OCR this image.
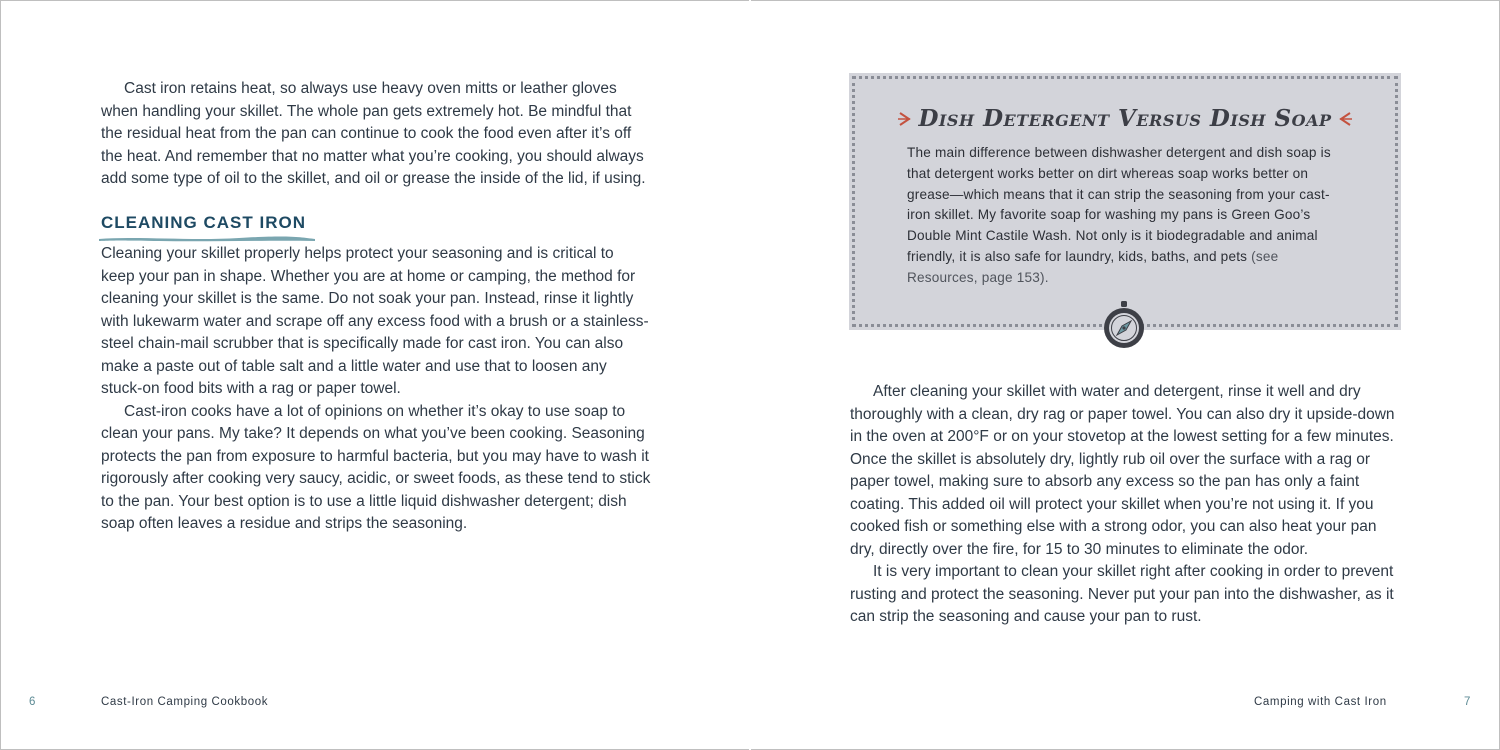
Cast iron retains heat, so always use heavy oven mitts or leather gloves when handling your skillet. The whole pan gets extremely hot. Be mindful that the residual heat from the pan can continue to cook the food even after it’s off the heat. And remember that no matter what you’re cooking, you should always add some type of oil to the skillet, and oil or grease the inside of the lid, if using.

CLEANING CAST IRON

Cleaning your skillet properly helps protect your seasoning and is critical to keep your pan in shape. Whether you are at home or camping, the method for cleaning your skillet is the same. Do not soak your pan. Instead, rinse it lightly with lukewarm water and scrape off any excess food with a brush or a stainless-steel chain-mail scrubber that is specifically made for cast iron. You can also make a paste out of table salt and a little water and use that to loosen any stuck-on food bits with a rag or paper towel.

Cast-iron cooks have a lot of opinions on whether it’s okay to use soap to clean your pans. My take? It depends on what you’ve been cooking. Seasoning protects the pan from exposure to harmful bacteria, but you may have to wash it rigorously after cooking very saucy, acidic, or sweet foods, as these tend to stick to the pan. Your best option is to use a little liquid dishwasher detergent; dish soap often leaves a residue and strips the seasoning.

6	Cast-Iron Camping Cookbook
Dish Detergent Versus Dish Soap
The main difference between dishwasher detergent and dish soap is that detergent works better on dirt whereas soap works better on grease—which means that it can strip the seasoning from your cast-iron skillet. My favorite soap for washing my pans is Green Goo’s Double Mint Castile Wash. Not only is it biodegradable and animal friendly, it is also safe for laundry, kids, baths, and pets (see Resources, page 153).

After cleaning your skillet with water and detergent, rinse it well and dry thoroughly with a clean, dry rag or paper towel. You can also dry it upside-down in the oven at 200°F or on your stovetop at the lowest setting for a few minutes. Once the skillet is absolutely dry, lightly rub oil over the surface with a rag or paper towel, making sure to absorb any excess so the pan has only a faint coating. This added oil will protect your skillet when you’re not using it. If you cooked fish or something else with a strong odor, you can also heat your pan dry, directly over the fire, for 15 to 30 minutes to eliminate the odor.

It is very important to clean your skillet right after cooking in order to prevent rusting and protect the seasoning. Never put your pan into the dishwasher, as it can strip the seasoning and cause your pan to rust.

Camping with Cast Iron	7
